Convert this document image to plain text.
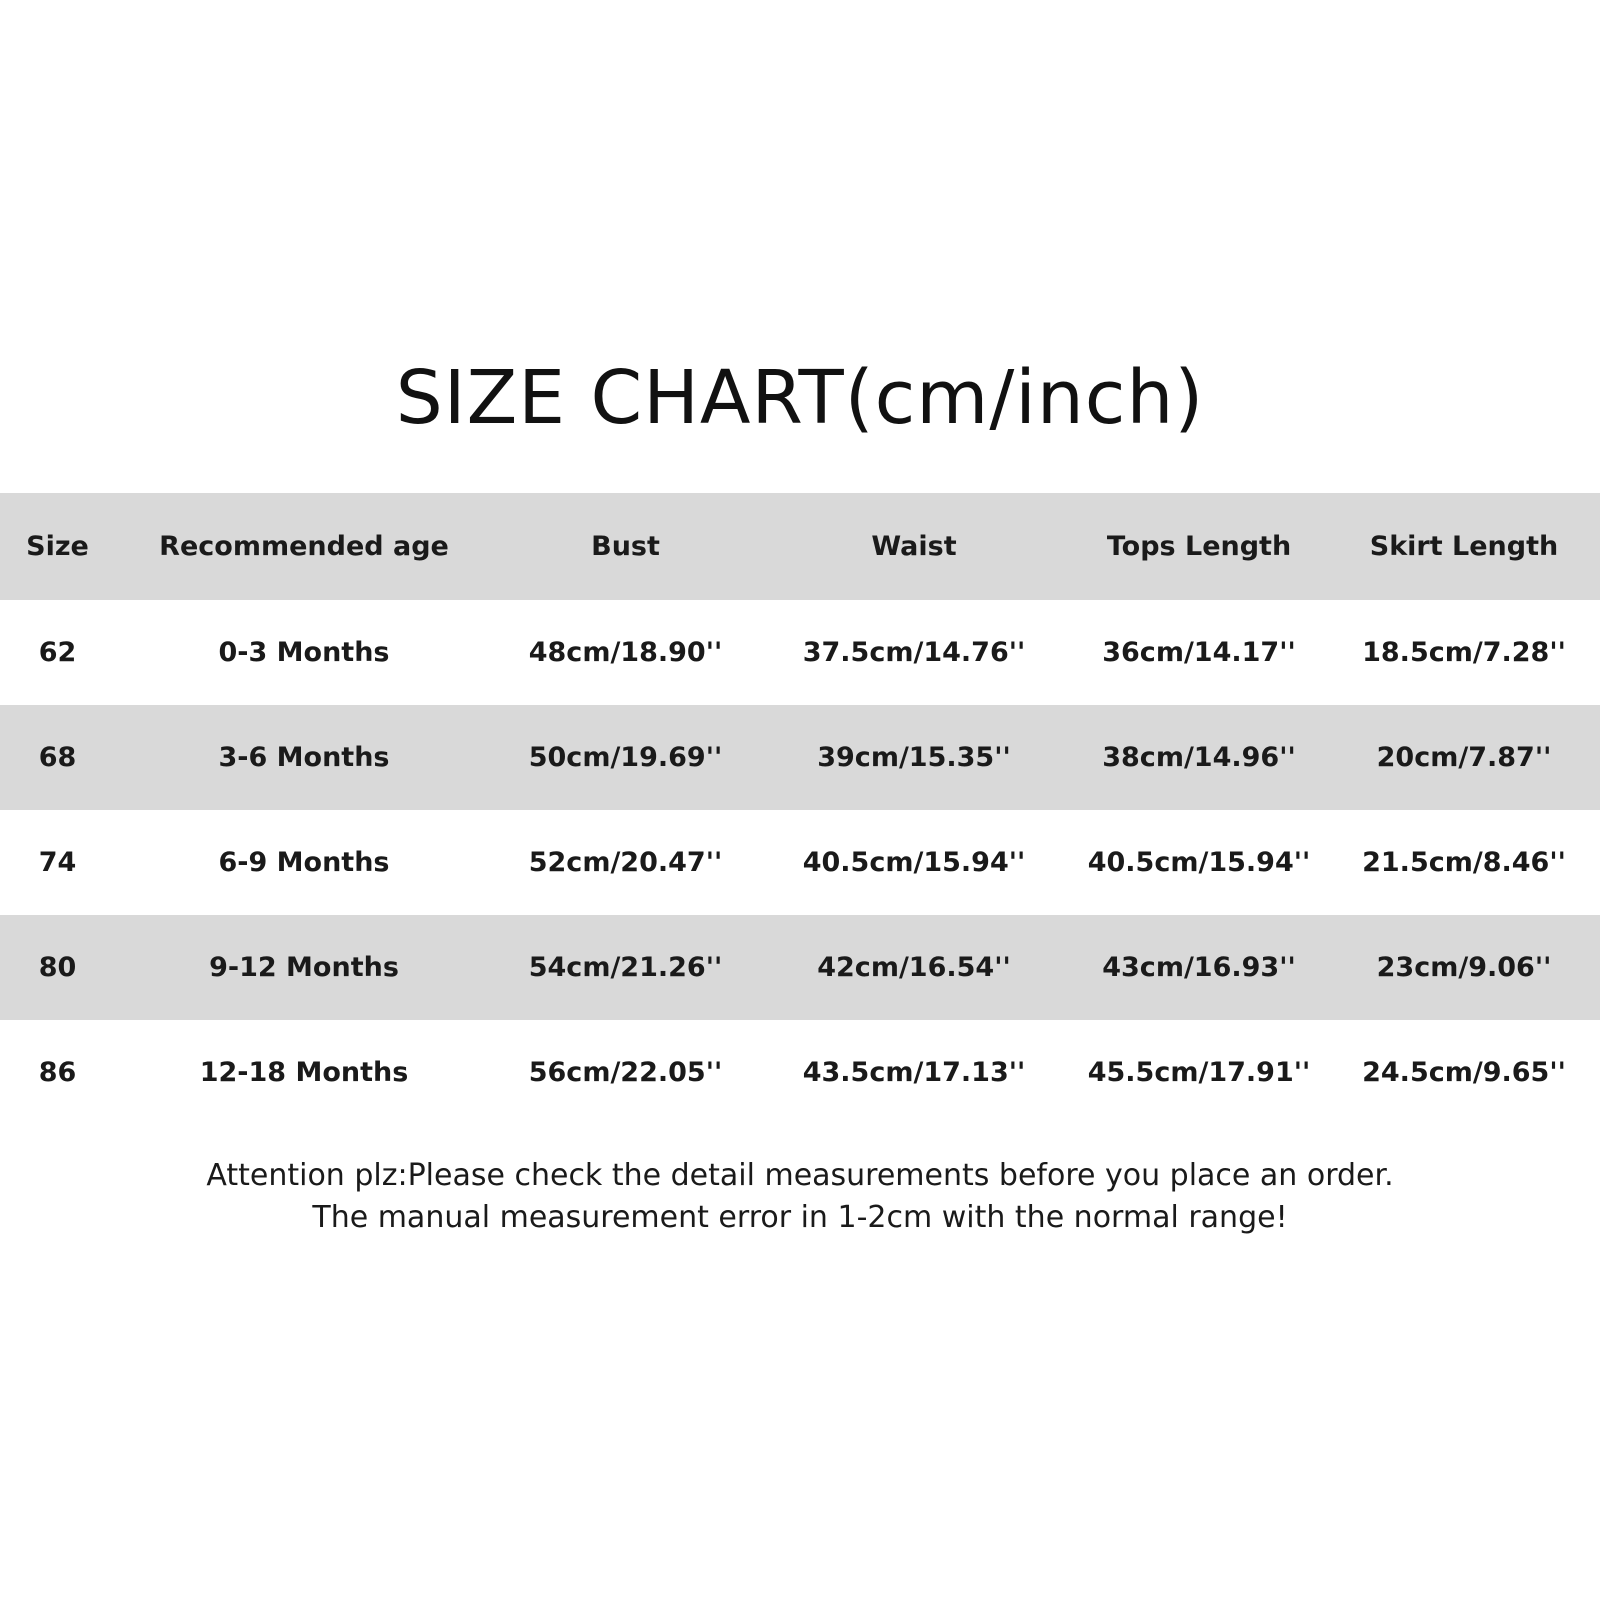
SIZE CHART(cm/inch)
Size	Recommended age	Bust	Waist	Tops Length	Skirt Length
62	0-3 Months	48cm/18.90''	37.5cm/14.76''	36cm/14.17''	18.5cm/7.28''
68	3-6 Months	50cm/19.69''	39cm/15.35''	38cm/14.96''	20cm/7.87''
74	6-9 Months	52cm/20.47''	40.5cm/15.94''	40.5cm/15.94''	21.5cm/8.46''
80	9-12 Months	54cm/21.26''	42cm/16.54''	43cm/16.93''	23cm/9.06''
86	12-18 Months	56cm/22.05''	43.5cm/17.13''	45.5cm/17.91''	24.5cm/9.65''
Attention plz:Please check the detail measurements before you place an order.
The manual measurement error in 1-2cm with the normal range!
